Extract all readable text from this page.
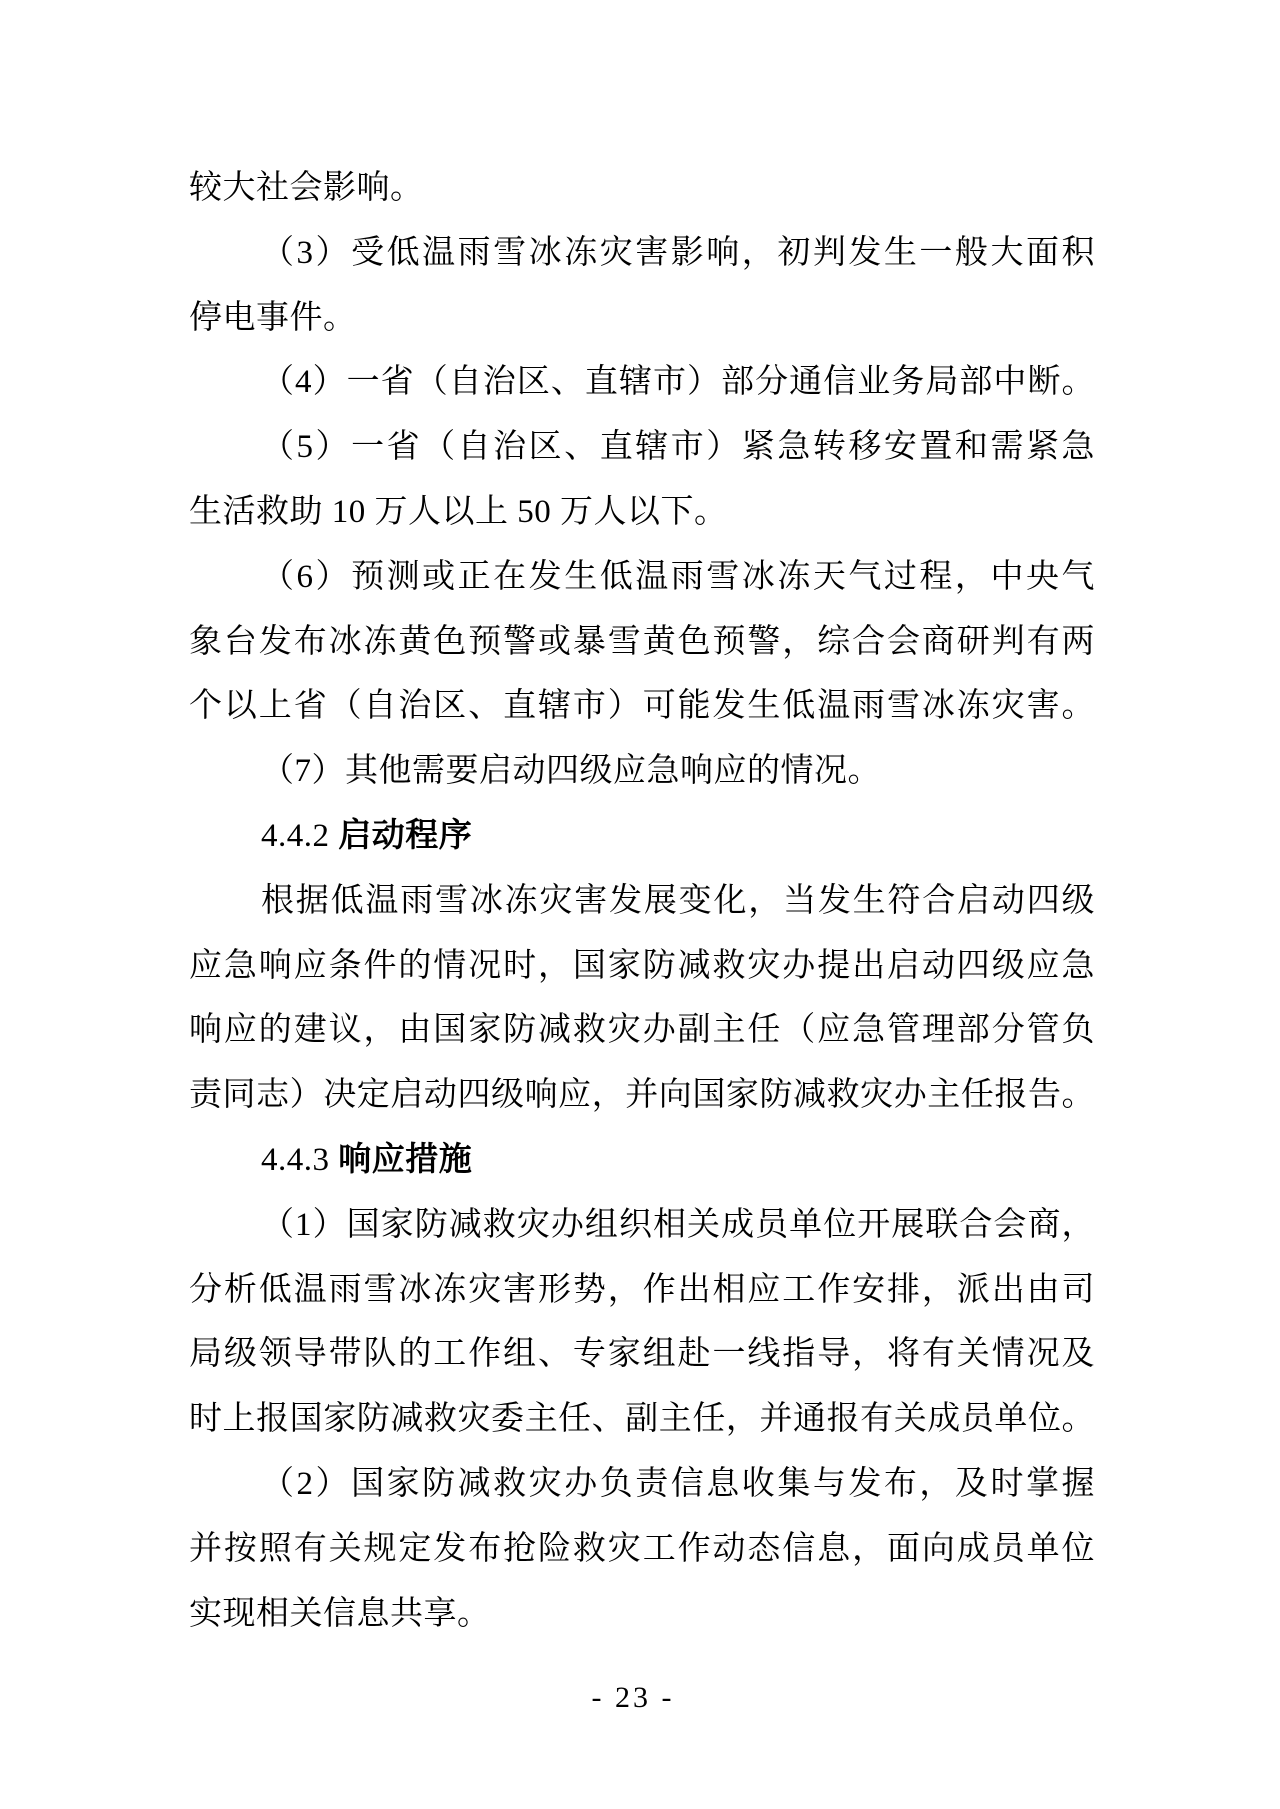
较大社会影响。
（3）受低温雨雪冰冻灾害影响，初判发生一般大面积
停电事件。
（4）一省（自治区、直辖市）部分通信业务局部中断。
（5）一省（自治区、直辖市）紧急转移安置和需紧急
生活救助 10 万人以上 50 万人以下。
（6）预测或正在发生低温雨雪冰冻天气过程，中央气
象台发布冰冻黄色预警或暴雪黄色预警，综合会商研判有两
个以上省（自治区、直辖市）可能发生低温雨雪冰冻灾害。
（7）其他需要启动四级应急响应的情况。
4.4.2 启动程序
根据低温雨雪冰冻灾害发展变化，当发生符合启动四级
应急响应条件的情况时，国家防减救灾办提出启动四级应急
响应的建议，由国家防减救灾办副主任（应急管理部分管负
责同志）决定启动四级响应，并向国家防减救灾办主任报告。
4.4.3 响应措施
（1）国家防减救灾办组织相关成员单位开展联合会商，
分析低温雨雪冰冻灾害形势，作出相应工作安排，派出由司
局级领导带队的工作组、专家组赴一线指导，将有关情况及
时上报国家防减救灾委主任、副主任，并通报有关成员单位。
（2）国家防减救灾办负责信息收集与发布，及时掌握
并按照有关规定发布抢险救灾工作动态信息，面向成员单位
实现相关信息共享。
- 23 -
